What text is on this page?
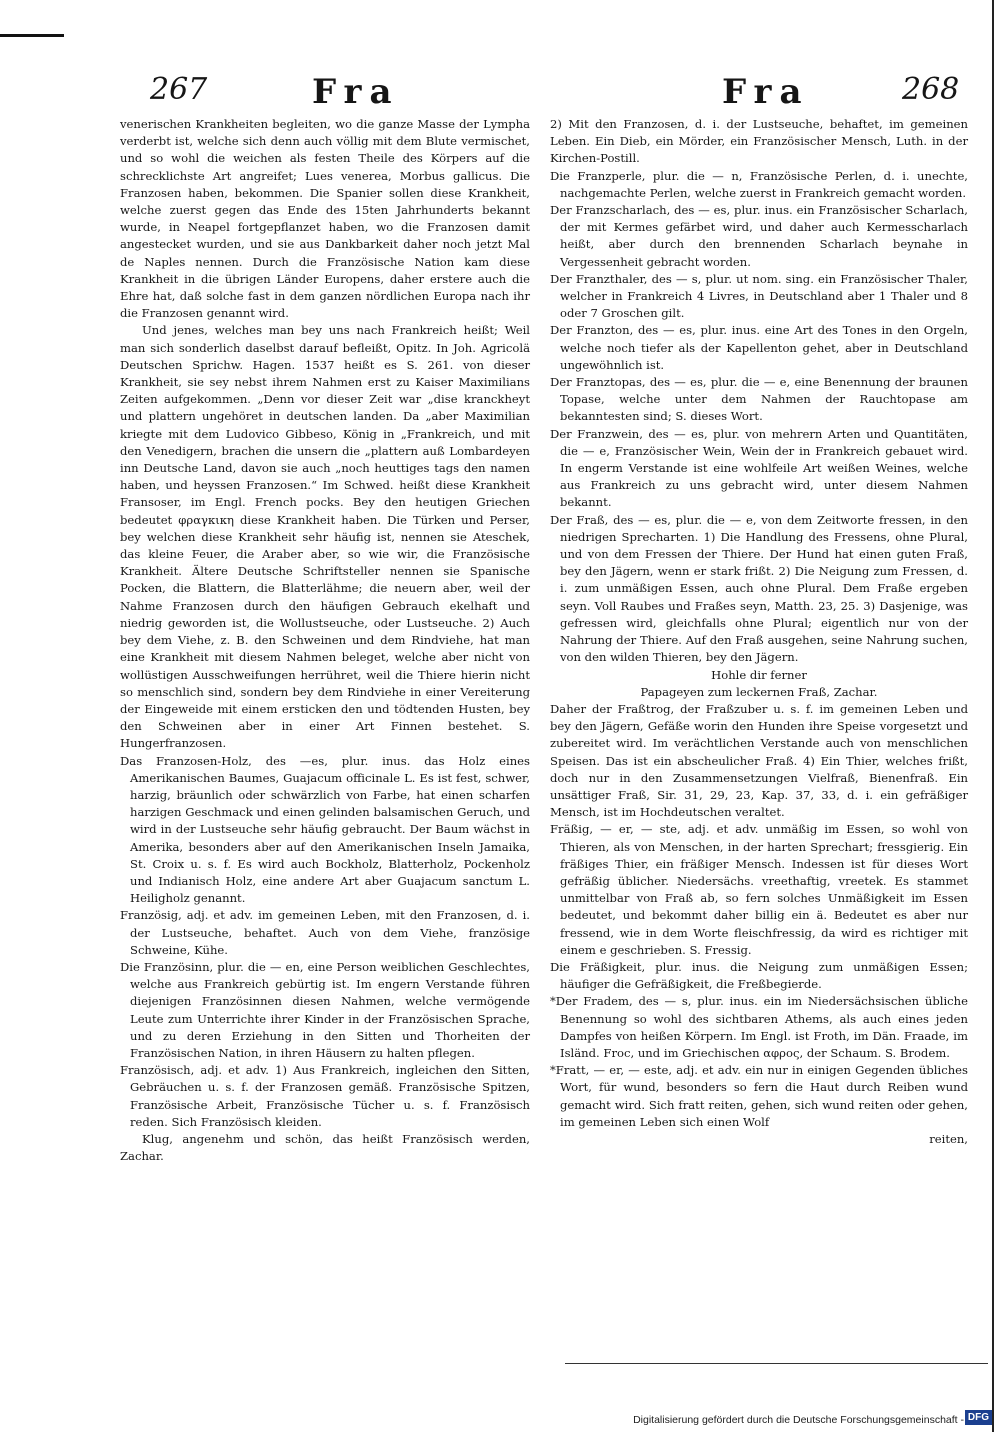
267	Fra	Fra	268

venerischen Krankheiten begleiten, wo die ganze Masse der Lympha verderbt ist, welche sich denn auch völlig mit dem Blute vermischet, und so wohl die weichen als festen Theile des Körpers auf die schrecklichste Art angreifet; Lues venerea, Morbus gallicus. Die Franzosen haben, bekommen. Die Spanier sollen diese Krankheit, welche zuerst gegen das Ende des 15ten Jahrhunderts bekannt wurde, in Neapel fortgepflanzet haben, wo die Franzosen damit angestecket wurden, und sie aus Dankbarkeit daher noch jetzt Mal de Naples nennen. Durch die Französische Nation kam diese Krankheit in die übrigen Länder Europens, daher erstere auch die Ehre hat, daß solche fast in dem ganzen nördlichen Europa nach ihr die Franzosen genannt wird.

Und jenes, welches man bey uns nach Frankreich heißt; Weil man sich sonderlich daselbst darauf befleißt, Opitz. In Joh. Agricolä Deutschen Sprichw. Hagen. 1537 heißt es S. 261. von dieser Krankheit, sie sey nebst ihrem Nahmen erst zu Kaiser Maximilians Zeiten aufgekommen. „Denn vor dieser Zeit war „dise kranckheyt und plattern ungehöret in deutschen landen. Da „aber Maximilian kriegte mit dem Ludovico Gibbeso, König in „Frankreich, und mit den Venedigern, brachen die unsern die „plattern auß Lombardeyen inn Deutsche Land, davon sie auch „noch heuttiges tags den namen haben, und heyssen Franzosen.“ Im Schwed. heißt diese Krankheit Fransoser, im Engl. French pocks. Bey den heutigen Griechen bedeutet φραγκικη diese Krankheit haben. Die Türken und Perser, bey welchen diese Krankheit sehr häufig ist, nennen sie Ateschek, das kleine Feuer, die Araber aber, so wie wir, die Französische Krankheit. Ältere Deutsche Schriftsteller nennen sie Spanische Pocken, die Blattern, die Blatterlähme; die neuern aber, weil der Nahme Franzosen durch den häufigen Gebrauch ekelhaft und niedrig geworden ist, die Wollustseuche, oder Lustseuche. 2) Auch bey dem Viehe, z. B. den Schweinen und dem Rindviehe, hat man eine Krankheit mit diesem Nahmen beleget, welche aber nicht von wollüstigen Ausschweifungen herrühret, weil die Thiere hierin nicht so menschlich sind, sondern bey dem Rindviehe in einer Vereiterung der Eingeweide mit einem ersticken den und tödtenden Husten, bey den Schweinen aber in einer Art Finnen bestehet. S. Hungerfranzosen.

Das Franzosen-Holz, des —es, plur. inus. das Holz eines Amerikanischen Baumes, Guajacum officinale L. Es ist fest, schwer, harzig, bräunlich oder schwärzlich von Farbe, hat einen scharfen harzigen Geschmack und einen gelinden balsamischen Geruch, und wird in der Lustseuche sehr häufig gebraucht. Der Baum wächst in Amerika, besonders aber auf den Amerikanischen Inseln Jamaika, St. Croix u. s. f. Es wird auch Bockholz, Blatterholz, Pockenholz und Indianisch Holz, eine andere Art aber Guajacum sanctum L. Heiligholz genannt.

Französig, adj. et adv. im gemeinen Leben, mit den Franzosen, d. i. der Lustseuche, behaftet. Auch von dem Viehe, französige Schweine, Kühe.

Die Französinn, plur. die — en, eine Person weiblichen Geschlechtes, welche aus Frankreich gebürtig ist. Im engern Verstande führen diejenigen Französinnen diesen Nahmen, welche vermögende Leute zum Unterrichte ihrer Kinder in der Französischen Sprache, und zu deren Erziehung in den Sitten und Thorheiten der Französischen Nation, in ihren Häusern zu halten pflegen.

Französisch, adj. et adv. 1) Aus Frankreich, ingleichen den Sitten, Gebräuchen u. s. f. der Franzosen gemäß. Französische Spitzen, Französische Arbeit, Französische Tücher u. s. f. Französisch reden. Sich Französisch kleiden.

Klug, angenehm und schön, das heißt Französisch werden, Zachar.

2) Mit den Franzosen, d. i. der Lustseuche, behaftet, im gemeinen Leben. Ein Dieb, ein Mörder, ein Französischer Mensch, Luth. in der Kirchen-Postill.

Die Franzperle, plur. die — n, Französische Perlen, d. i. unechte, nachgemachte Perlen, welche zuerst in Frankreich gemacht worden.

Der Franzscharlach, des — es, plur. inus. ein Französischer Scharlach, der mit Kermes gefärbet wird, und daher auch Kermesscharlach heißt, aber durch den brennenden Scharlach beynahe in Vergessenheit gebracht worden.

Der Franzthaler, des — s, plur. ut nom. sing. ein Französischer Thaler, welcher in Frankreich 4 Livres, in Deutschland aber 1 Thaler und 8 oder 7 Groschen gilt.

Der Franzton, des — es, plur. inus. eine Art des Tones in den Orgeln, welche noch tiefer als der Kapellenton gehet, aber in Deutschland ungewöhnlich ist.

Der Franztopas, des — es, plur. die — e, eine Benennung der braunen Topase, welche unter dem Nahmen der Rauchtopase am bekanntesten sind; S. dieses Wort.

Der Franzwein, des — es, plur. von mehrern Arten und Quantitäten, die — e, Französischer Wein, Wein der in Frankreich gebauet wird. In engerm Verstande ist eine wohlfeile Art weißen Weines, welche aus Frankreich zu uns gebracht wird, unter diesem Nahmen bekannt.

Der Fraß, des — es, plur. die — e, von dem Zeitworte fressen, in den niedrigen Sprecharten. 1) Die Handlung des Fressens, ohne Plural, und von dem Fressen der Thiere. Der Hund hat einen guten Fraß, bey den Jägern, wenn er stark frißt. 2) Die Neigung zum Fressen, d. i. zum unmäßigen Essen, auch ohne Plural. Dem Fraße ergeben seyn. Voll Raubes und Fraßes seyn, Matth. 23, 25. 3) Dasjenige, was gefressen wird, gleichfalls ohne Plural; eigentlich nur von der Nahrung der Thiere. Auf den Fraß ausgehen, seine Nahrung suchen, von den wilden Thieren, bey den Jägern.

Hohle dir ferner

Papageyen zum leckernen Fraß, Zachar.

Daher der Fraßtrog, der Fraßzuber u. s. f. im gemeinen Leben und bey den Jägern, Gefäße worin den Hunden ihre Speise vorgesetzt und zubereitet wird. Im verächtlichen Verstande auch von menschlichen Speisen. Das ist ein abscheulicher Fraß. 4) Ein Thier, welches frißt, doch nur in den Zusammensetzungen Vielfraß, Bienenfraß. Ein unsättiger Fraß, Sir. 31, 29, 23, Kap. 37, 33, d. i. ein gefräßiger Mensch, ist im Hochdeutschen veraltet.

Fräßig, — er, — ste, adj. et adv. unmäßig im Essen, so wohl von Thieren, als von Menschen, in der harten Sprechart; fressgierig. Ein fräßiges Thier, ein fräßiger Mensch. Indessen ist für dieses Wort gefräßig üblicher. Niedersächs. vreethaftig, vreetek. Es stammet unmittelbar von Fraß ab, so fern solches Unmäßigkeit im Essen bedeutet, und bekommt daher billig ein ä. Bedeutet es aber nur fressend, wie in dem Worte fleischfressig, da wird es richtiger mit einem e geschrieben. S. Fressig.

Die Fräßigkeit, plur. inus. die Neigung zum unmäßigen Essen; häufiger die Gefräßigkeit, die Freßbegierde.

*Der Fradem, des — s, plur. inus. ein im Niedersächsischen übliche Benennung so wohl des sichtbaren Athems, als auch eines jeden Dampfes von heißen Körpern. Im Engl. ist Froth, im Dän. Fraade, im Isländ. Froc, und im Griechischen αφρος, der Schaum. S. Brodem.

*Fratt, — er, — este, adj. et adv. ein nur in einigen Gegenden übliches Wort, für wund, besonders so fern die Haut durch Reiben wund gemacht wird. Sich fratt reiten, gehen, sich wund reiten oder gehen, im gemeinen Leben sich einen Wolf

reiten,

Digitalisierung gefördert durch die Deutsche Forschungsgemeinschaft - DFG
